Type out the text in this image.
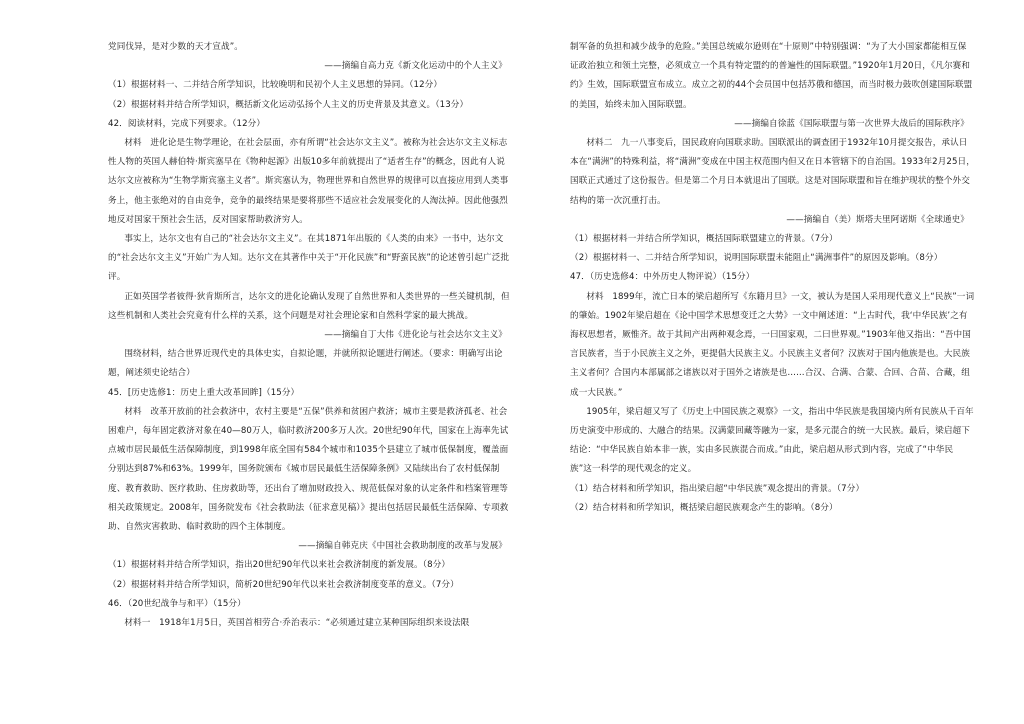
党同伐异，是对少数的天才宣战”。

——摘编自高力克《新文化运动中的个人主义》

（1）根据材料一、二并结合所学知识，比较晚明和民初个人主义思想的异同。（12分）

（2）根据材料并结合所学知识，概括新文化运动弘扬个人主义的历史背景及其意义。（13分）

42．阅读材料，完成下列要求。（12分）

材料　进化论是生物学理论，在社会层面，亦有所谓“社会达尔文主义”。被称为社会达尔文主义标志性人物的英国人赫伯特·斯宾塞早在《物种起源》出版10多年前就提出了“适者生存”的概念，因此有人说达尔文应被称为“生物学斯宾塞主义者”。斯宾塞认为，物理世界和自然世界的规律可以直接应用到人类事务上，他主张绝对的自由竞争，竞争的最终结果是要将那些不适应社会发展变化的人淘汰掉。因此他强烈地反对国家干预社会生活，反对国家帮助救济穷人。

事实上，达尔文也有自己的“社会达尔文主义”。在其1871年出版的《人类的由来》一书中，达尔文的“社会达尔文主义”开始广为人知。达尔文在其著作中关于“开化民族”和“野蛮民族”的论述曾引起广泛批评。

正如英国学者彼得·狄肯斯所言，达尔文的进化论确认发现了自然世界和人类世界的一些关键机制，但这些机制和人类社会究竟有什么样的关系，这个问题是对社会理论家和自然科学家的最大挑战。

——摘编自丁大伟《进化论与社会达尔文主义》

围绕材料，结合世界近现代史的具体史实，自拟论题，并就所拟论题进行阐述。（要求：明确写出论题，阐述须史论结合）

45．[历史选修1：历史上重大改革回眸]（15分）

材料　改革开放前的社会救济中，农村主要是“五保”供养和贫困户救济；城市主要是救济孤老、社会困难户，每年固定救济对象在40—80万人，临时救济200多万人次。20世纪90年代，国家在上海率先试点城市居民最低生活保障制度，到1998年底全国有584个城市和1035个县建立了城市低保制度，覆盖面分别达到87%和63%。1999年，国务院颁布《城市居民最低生活保障条例》又陆续出台了农村低保制度、教育救助、医疗救助、住房救助等，还出台了增加财政投入、规范低保对象的认定条件和档案管理等相关政策规定。2008年，国务院发布《社会救助法（征求意见稿）》提出包括居民最低生活保障、专项救助、自然灾害救助、临时救助的四个主体制度。

——摘编自韩克庆《中国社会救助制度的改革与发展》

（1）根据材料并结合所学知识，指出20世纪90年代以来社会救济制度的新发展。（8分）

（2）根据材料并结合所学知识，简析20世纪90年代以来社会救济制度变革的意义。（7分）

46．（20世纪战争与和平）（15分）

材料一　1918年1月5日，英国首相劳合·乔治表示：“必须通过建立某种国际组织来设法限

制军备的负担和减少战争的危险。”美国总统威尔逊则在“十原则”中特别强调：“为了大小国家都能相互保证政治独立和领土完整，必须成立一个具有特定盟约的普遍性的国际联盟。”1920年1月20日，《凡尔赛和约》生效，国际联盟宣布成立。成立之初的44个会员国中包括苏俄和德国，而当时极力鼓吹创建国际联盟的美国，始终未加入国际联盟。

——摘编自徐蓝《国际联盟与第一次世界大战后的国际秩序》

材料二　九一八事变后，国民政府向国联求助。国联派出的调查团于1932年10月提交报告，承认日本在“满洲”的特殊利益，将“满洲”变成在中国主权范围内但又在日本管辖下的自治国。1933年2月25日，国联正式通过了这份报告。但是第二个月日本就退出了国联。这是对国际联盟和旨在维护现状的整个外交结构的第一次沉重打击。

——摘编自（美）斯塔夫里阿诺斯《全球通史》

（1）根据材料一并结合所学知识，概括国际联盟建立的背景。（7分）

（2）根据材料一、二并结合所学知识，说明国际联盟未能阻止“满洲事件”的原因及影响。（8分）

47．（历史选修4：中外历史人物评说）（15分）

材料　1899年，流亡日本的梁启超所写《东籍月旦》一文，被认为是国人采用现代意义上“民族”一词的肇始。1902年梁启超在《论中国学术思想变迁之大势》一文中阐述道：“上古时代，我‘中华民族’之有海权思想者，厥惟齐。故于其间产出两种观念焉，一曰国家观，二曰世界观。”1903年他又指出：“吾中国言民族者，当于小民族主义之外，更提倡大民族主义。小民族主义者何？汉族对于国内他族是也。大民族主义者何？合国内本部属部之诸族以对于国外之诸族是也……合汉、合满、合蒙、合回、合苗、合藏，组成一大民族。”

1905年，梁启超又写了《历史上中国民族之观察》一文，指出中华民族是我国境内所有民族从千百年历史演变中形成的、大融合的结果。汉满蒙回藏等融为一家，是多元混合的统一大民族。最后，梁启超下结论：“中华民族自始本非一族，实由多民族混合而成。”由此，梁启超从形式到内容，完成了“中华民族”这一科学的现代观念的定义。

（1）结合材料和所学知识，指出梁启超“中华民族”观念提出的背景。（7分）

（2）结合材料和所学知识，概括梁启超民族观念产生的影响。（8分）
